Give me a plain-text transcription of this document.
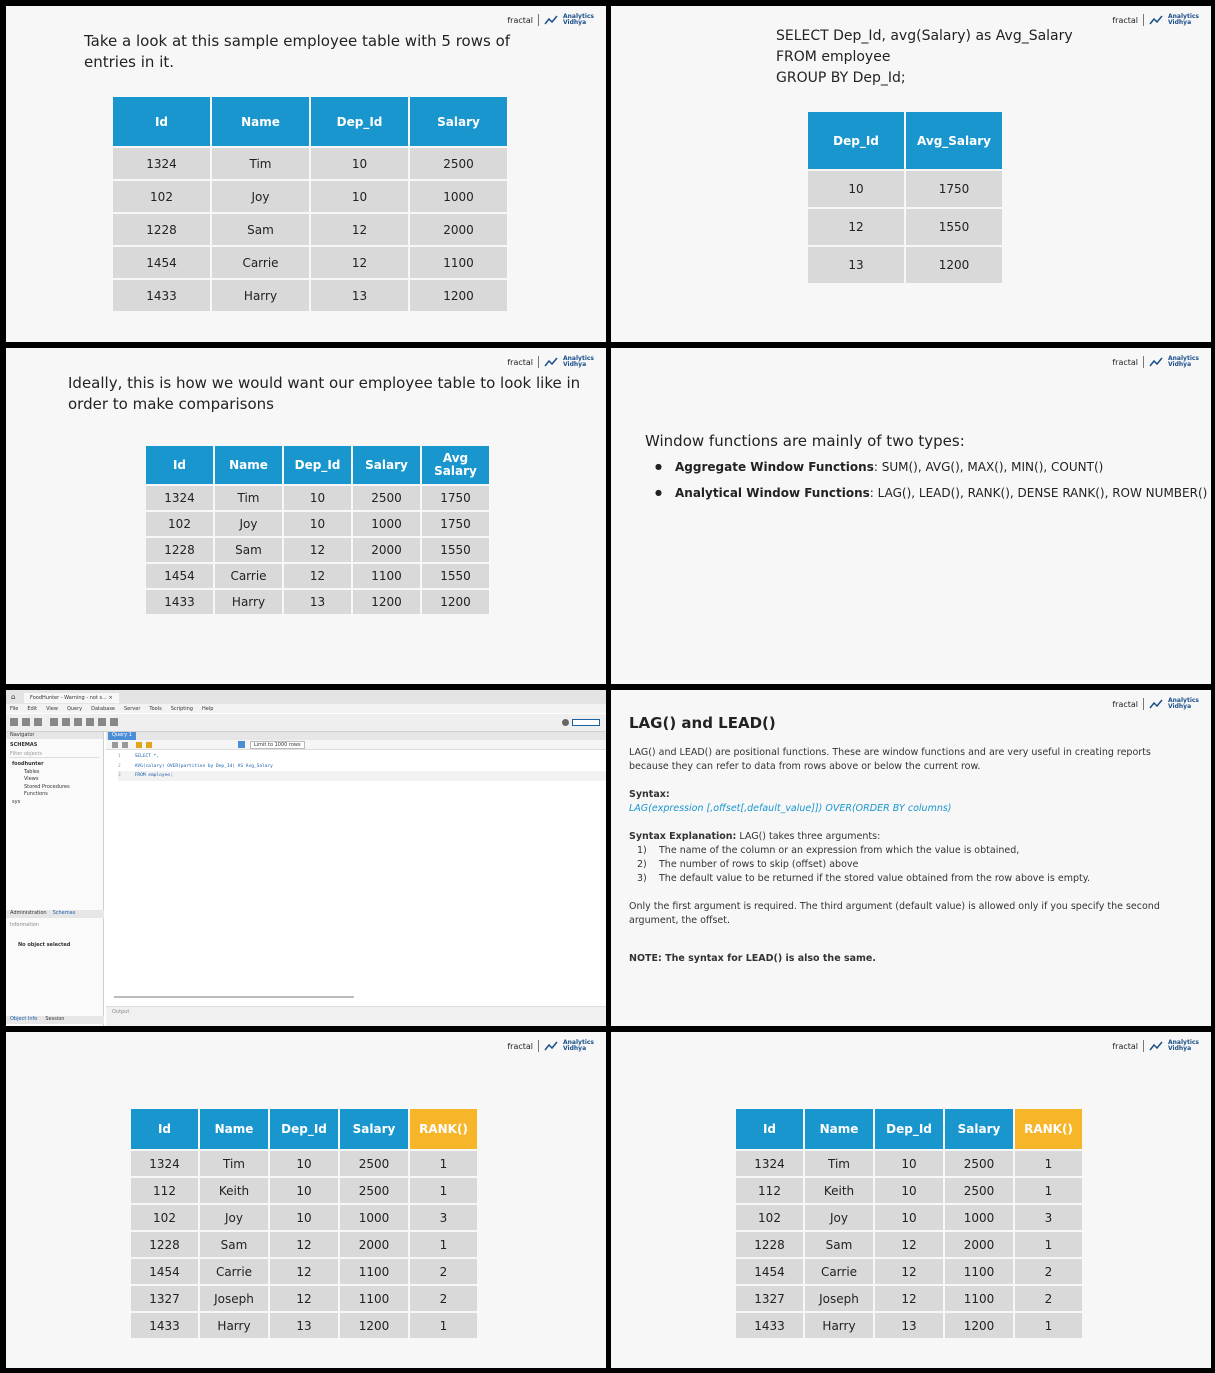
fractal	Analytics
Vidhya
Take a look at this sample employee table with 5 rows of
entries in it.
Id	Name	Dep_Id	Salary
1324	Tim	10	2500
102	Joy	10	1000
1228	Sam	12	2000
1454	Carrie	12	1100
1433	Harry	13	1200
fractal	Analytics
Vidhya
SELECT Dep_Id, avg(Salary) as Avg_Salary
FROM employee
GROUP BY Dep_Id;
Dep_Id	Avg_Salary
10	1750
12	1550
13	1200
fractal	Analytics
Vidhya
Ideally, this is how we would want our employee table to look like in
order to make comparisons
Id	Name	Dep_Id	Salary	Avg Salary
1324	Tim	10	2500	1750
102	Joy	10	1000	1750
1228	Sam	12	2000	1550
1454	Carrie	12	1100	1550
1433	Harry	13	1200	1200
fractal	Analytics
Vidhya
Window functions are mainly of two types:
● Aggregate Window Functions: SUM(), AVG(), MAX(), MIN(), COUNT()
● Analytical Window Functions: LAG(), LEAD(), RANK(), DENSE RANK(), ROW NUMBER()
⌂	FoodHunter - Warning - not s... ×
File Edit View Query Database Server Tools Scripting Help
Navigator
SCHEMAS
Filter objects
foodhunter
Tables
Views
Stored Procedures
Functions
sys
Administration Schemas
Information
No object selected
Object Info Session
Query 1
Limit to 1000 rows
1	SELECT *,
2	AVG(salary) OVER(partition by Dep_Id) AS Avg_Salary
3	FROM employee;
Output
fractal	Analytics
Vidhya
LAG() and LEAD()

LAG() and LEAD() are positional functions. These are window functions and are very useful in creating reports because they can refer to data from rows above or below the current row.

Syntax:
LAG(expression [,offset[,default_value]]) OVER(ORDER BY columns)

Syntax Explanation: LAG() takes three arguments:
1) The name of the column or an expression from which the value is obtained,
2) The number of rows to skip (offset) above
3) The default value to be returned if the stored value obtained from the row above is empty.

Only the first argument is required. The third argument (default value) is allowed only if you specify the second argument, the offset.

NOTE: The syntax for LEAD() is also the same.

fractal	Analytics
Vidhya
Id	Name	Dep_Id	Salary	RANK()
1324	Tim	10	2500	1
112	Keith	10	2500	1
102	Joy	10	1000	3
1228	Sam	12	2000	1
1454	Carrie	12	1100	2
1327	Joseph	12	1100	2
1433	Harry	13	1200	1
fractal	Analytics
Vidhya
Id	Name	Dep_Id	Salary	RANK()
1324	Tim	10	2500	1
112	Keith	10	2500	1
102	Joy	10	1000	3
1228	Sam	12	2000	1
1454	Carrie	12	1100	2
1327	Joseph	12	1100	2
1433	Harry	13	1200	1
